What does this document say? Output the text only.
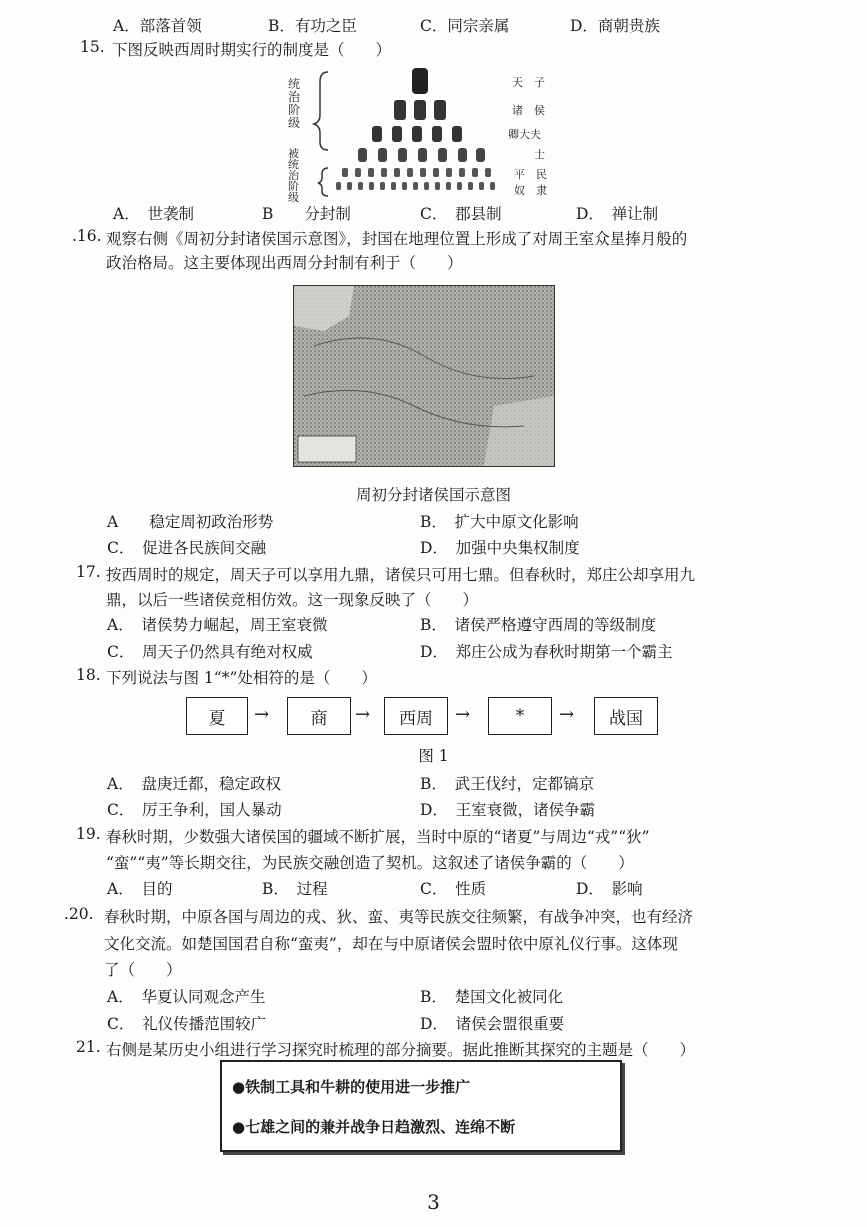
A．部落首领	B．有功之臣	C．同宗亲属	D．商朝贵族
15. 下图反映西周时期实行的制度是（　　）
统治阶级
被统治阶级
天　子
诸　侯
卿大夫
士
平　民
奴　隶
A．　世袭制	B　　分封制	C．　郡县制	D．　禅让制
.16. 观察右侧《周初分封诸侯国示意图》，封国在地理位置上形成了对周王室众星捧月般的
政治格局。这主要体现出西周分封制有利于（　　）
周初分封诸侯国示意图
A　　稳定周初政治形势	B．　扩大中原文化影响
C．　促进各民族间交融	D．　加强中央集权制度
17. 按西周时的规定，周天子可以享用九鼎，诸侯只可用七鼎。但春秋时，郑庄公却享用九
鼎，以后一些诸侯竞相仿效。这一现象反映了（　　）
A．　诸侯势力崛起，周王室衰微	B．　诸侯严格遵守西周的等级制度
C．　周天子仍然具有绝对权威	D．　郑庄公成为春秋时期第一个霸主
18. 下列说法与图 1“*”处相符的是（　　）
夏	→	商	→	西周	→	*	→	战国
图 1
A．　盘庚迁都，稳定政权	B．　武王伐纣，定都镐京
C．　厉王争利，国人暴动	D．　王室衰微，诸侯争霸
19. 春秋时期，少数强大诸侯国的疆域不断扩展，当时中原的“诸夏”与周边“戎”“狄”
“蛮”“夷”等长期交往，为民族交融创造了契机。这叙述了诸侯争霸的（　　）
A．　目的	B．　过程	C．　性质	D．　影响
.20. 春秋时期，中原各国与周边的戎、狄、蛮、夷等民族交往频繁，有战争冲突，也有经济
文化交流。如楚国国君自称“蛮夷”，却在与中原诸侯会盟时依中原礼仪行事。这体现
了（　　）
A．　华夏认同观念产生	B．　楚国文化被同化
C．　礼仪传播范围较广	D．　诸侯会盟很重要
21. 右侧是某历史小组进行学习探究时梳理的部分摘要。据此推断其探究的主题是（　　）
●铁制工具和牛耕的使用进一步推广
●七雄之间的兼并战争日趋激烈、连绵不断
3
